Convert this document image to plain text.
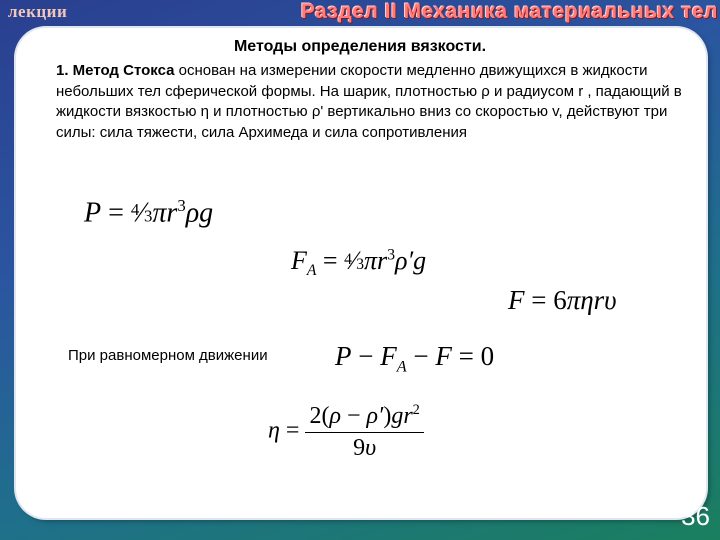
лекции	Раздел II Механика материальных тел
Методы определения вязкости.
1. Метод Стокса основан на измерении скорости медленно движущихся в жидкости небольших тел сферической формы. На шарик, плотностью ρ и радиусом r , падающий в жидкости вязкостью η и плотностью ρ' вертикально вниз со скоростью v, действуют три силы: сила тяжести, сила Архимеда и сила сопротивления
$P = ^4⁄3\pi r^3\rho g$
$F_A$ = $^4⁄3\pi r^3\rho'g$
F = 6πηrυ
При равномерном движении $P - F_A - F = 0$
$\eta = \frac{2(\rho - \rho')gr^2}{9\upsilon}$
36
